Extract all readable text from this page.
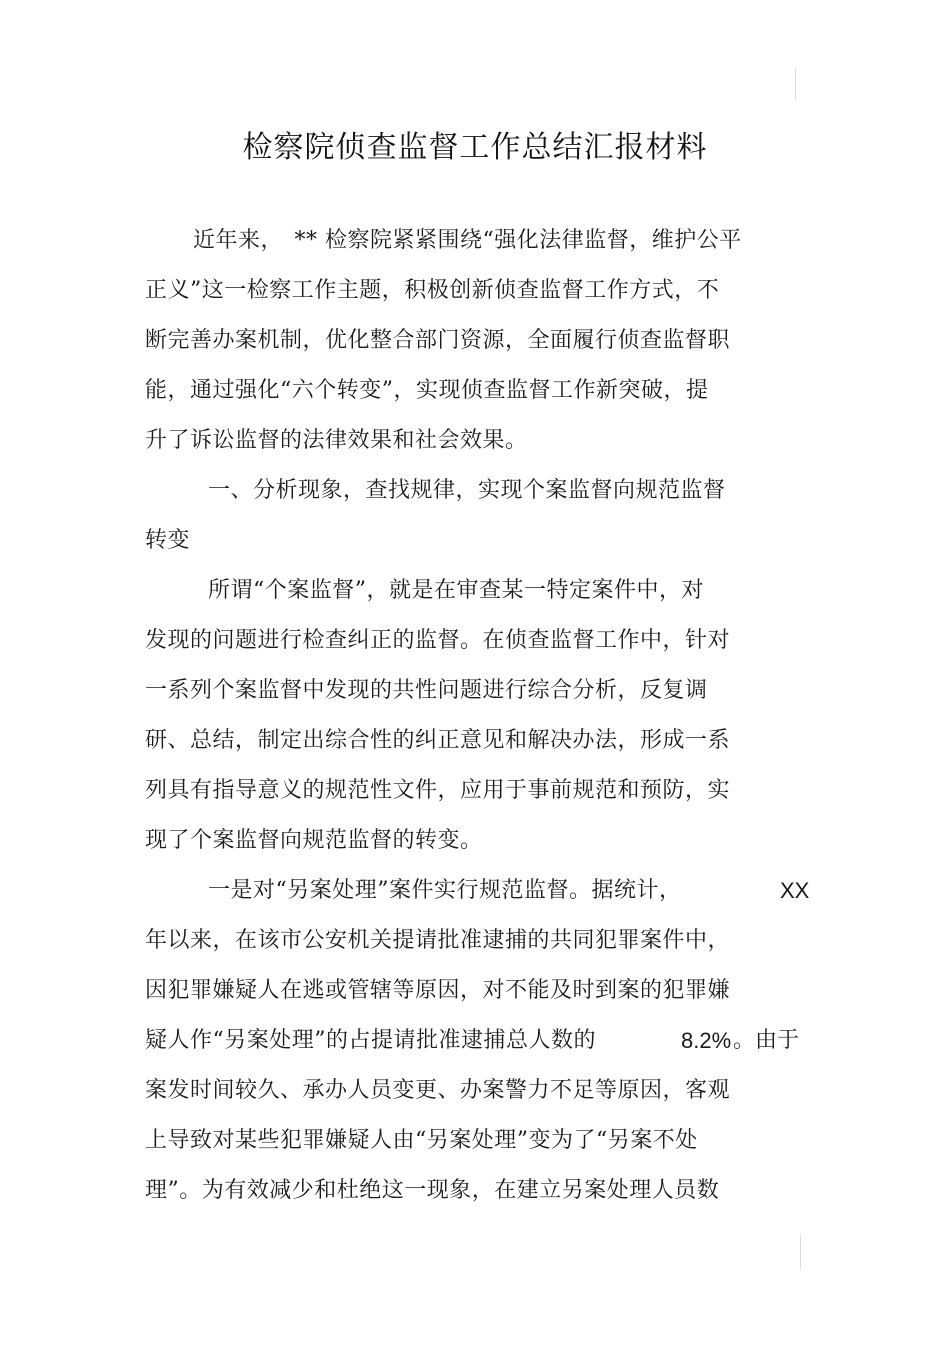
检察院侦查监督工作总结汇报材料
近年来，　** 检察院紧紧围绕“强化法律监督，维护公平
正义”这一检察工作主题，积极创新侦查监督工作方式，不
断完善办案机制，优化整合部门资源，全面履行侦查监督职
能，通过强化“六个转变”，实现侦查监督工作新突破，提
升了诉讼监督的法律效果和社会效果。
一、分析现象，查找规律，实现个案监督向规范监督
转变
所谓“个案监督”，就是在审查某一特定案件中，对
发现的问题进行检查纠正的监督。在侦查监督工作中，针对
一系列个案监督中发现的共性问题进行综合分析，反复调
研、总结，制定出综合性的纠正意见和解决办法，形成一系
列具有指导意义的规范性文件，应用于事前规范和预防，实
现了个案监督向规范监督的转变。
一是对“另案处理”案件实行规范监督。据统计，	XX
年以来，在该市公安机关提请批准逮捕的共同犯罪案件中，
因犯罪嫌疑人在逃或管辖等原因，对不能及时到案的犯罪嫌
疑人作“另案处理”的占提请批准逮捕总人数的	8.2% 。由于
案发时间较久、承办人员变更、办案警力不足等原因，客观
上导致对某些犯罪嫌疑人由“另案处理”变为了“另案不处
理”。为有效减少和杜绝这一现象，在建立另案处理人员数
